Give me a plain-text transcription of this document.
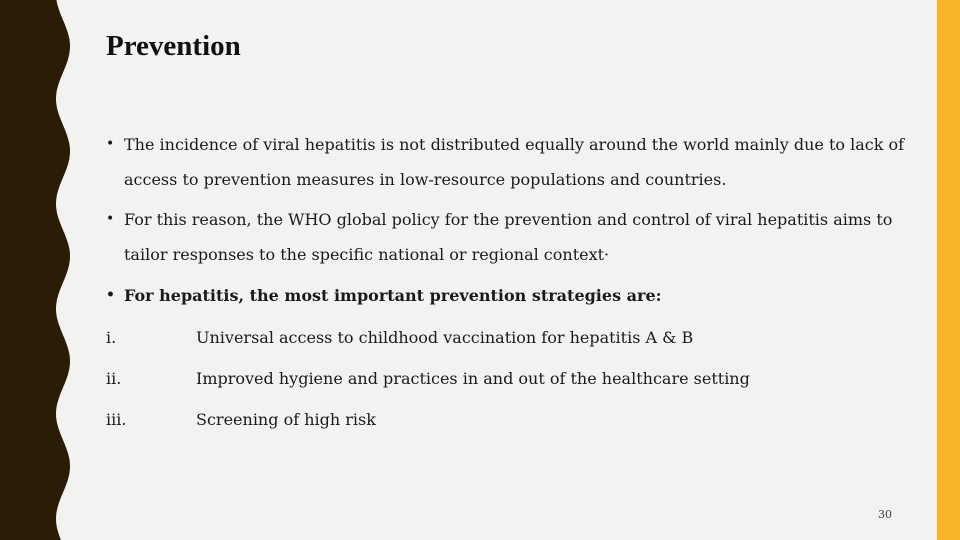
Prevention
• The incidence of viral hepatitis is not distributed equally around the world mainly due to lack of access to prevention measures in low-resource populations and countries.
• For this reason, the WHO global policy for the prevention and control of viral hepatitis aims to tailor responses to the specific national or regional context·
• For hepatitis, the most important prevention strategies are:
i.	Universal access to childhood vaccination for hepatitis A & B
ii.	Improved hygiene and practices in and out of the healthcare setting
iii.	Screening of high risk
30
